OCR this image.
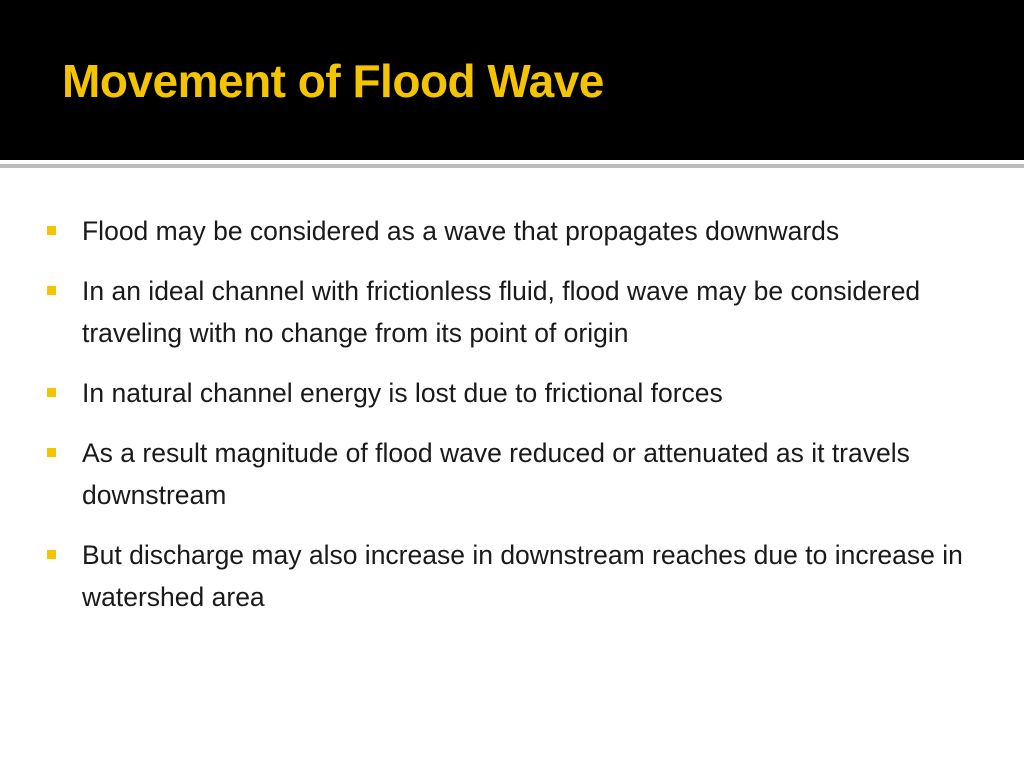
Movement of Flood Wave
Flood may be considered as a wave that propagates downwards
In an ideal channel with frictionless fluid, flood wave may be considered traveling with no change from its point of origin
In natural channel energy is lost due to frictional forces
As a result magnitude of flood wave reduced or attenuated as it travels downstream
But discharge may also increase in downstream reaches due to increase in watershed area
